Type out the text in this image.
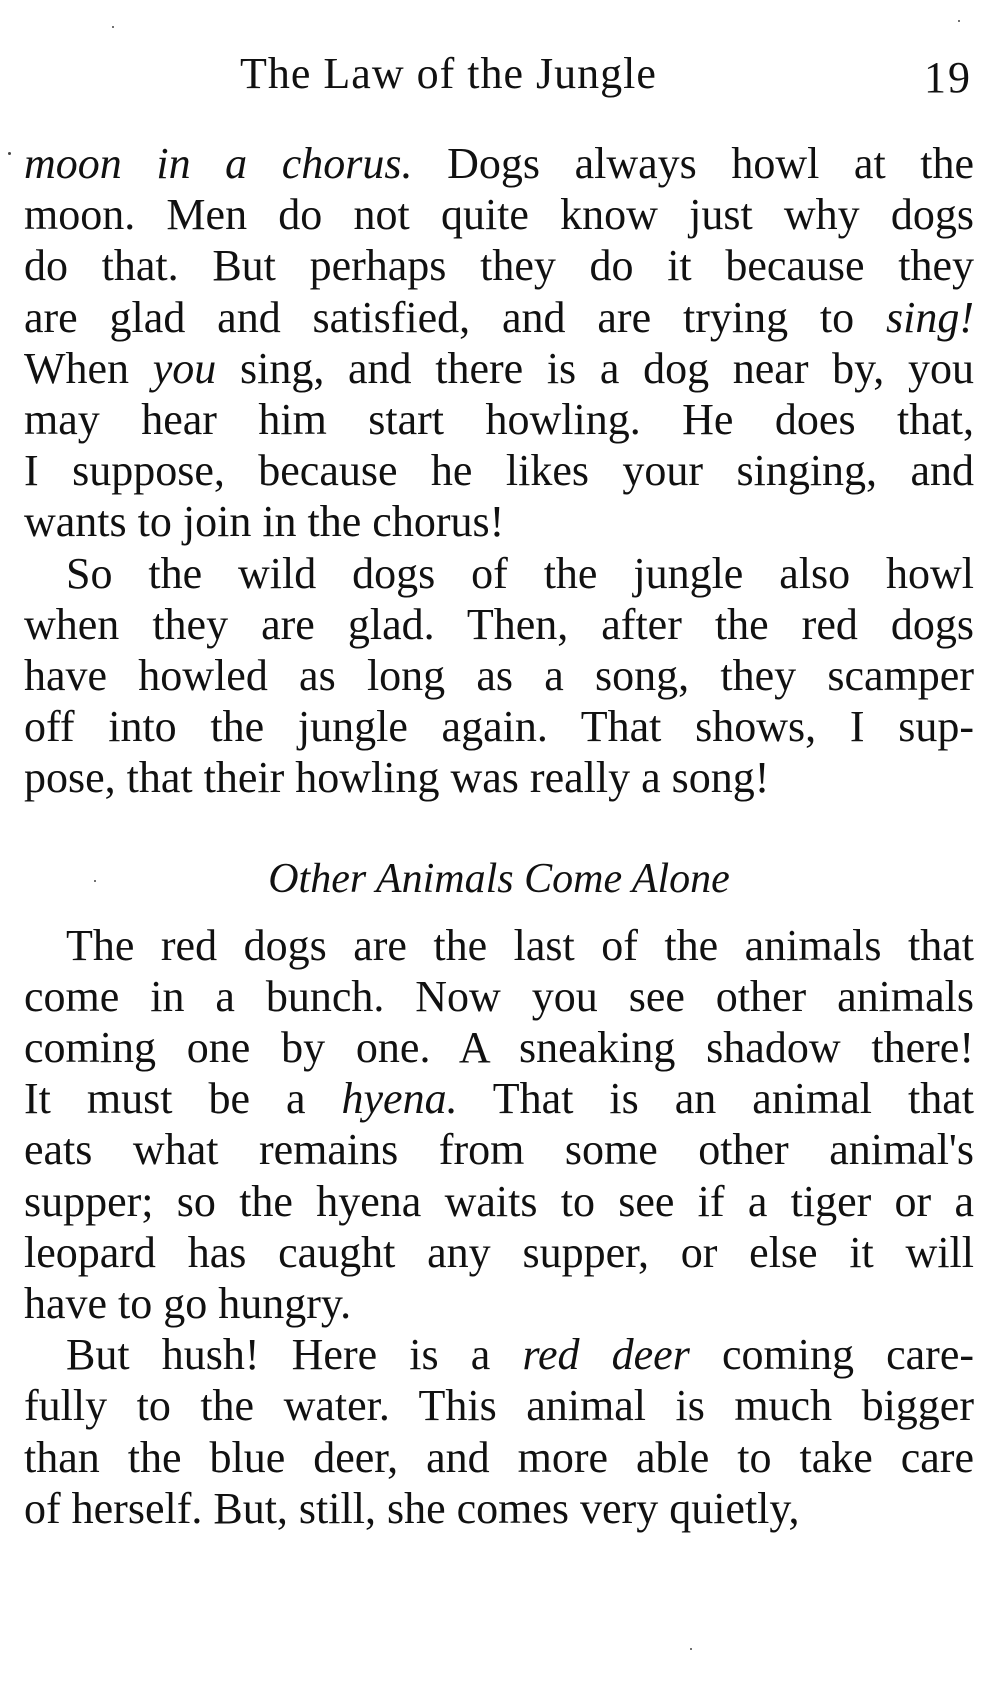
The Law of the Jungle	19
moon in a chorus. Dogs always howl at the
moon. Men do not quite know just why dogs
do that. But perhaps they do it because they
are glad and satisfied, and are trying to sing!
When you sing, and there is a dog near by, you
may hear him start howling. He does that,
I suppose, because he likes your singing, and
wants to join in the chorus!
So the wild dogs of the jungle also howl
when they are glad. Then, after the red dogs
have howled as long as a song, they scamper
off into the jungle again. That shows, I sup-
pose, that their howling was really a song!
Other Animals Come Alone
The red dogs are the last of the animals that
come in a bunch. Now you see other animals
coming one by one. A sneaking shadow there!
It must be a hyena. That is an animal that
eats what remains from some other animal's
supper; so the hyena waits to see if a tiger or a
leopard has caught any supper, or else it will
have to go hungry.
But hush! Here is a red deer coming care-
fully to the water. This animal is much bigger
than the blue deer, and more able to take care
of herself. But, still, she comes very quietly,
